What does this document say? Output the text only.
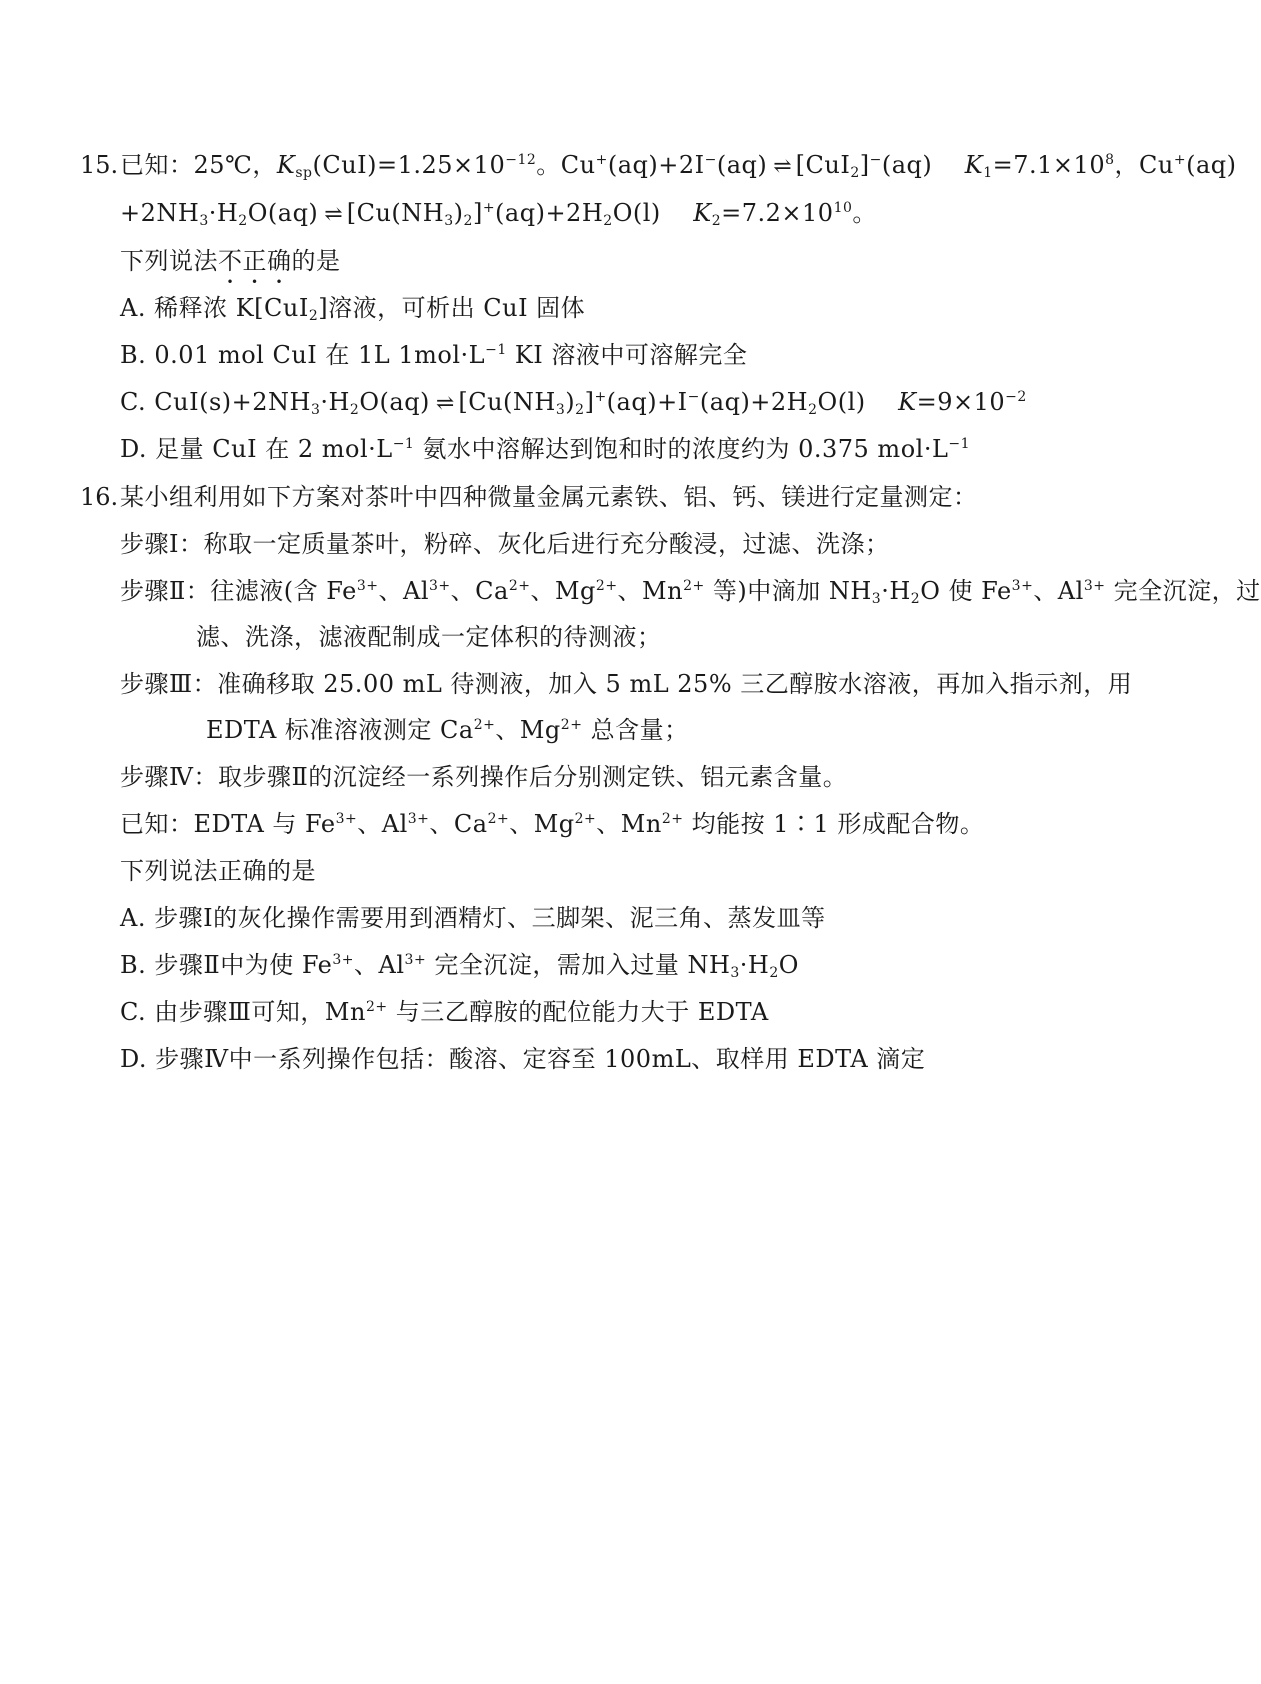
15. 已知：25℃，$K_{sp}(CuI)=1.25\times 10^{-12}$。Cu+(aq)+2I−(aq) ⇌ [CuI$_2$]−(aq) $K_1=7.1\times 10^8$，Cu+(aq)
$+2NH_3\cdot H_2O(aq)$ ⇌ $[Cu(NH_3)_2]^+(aq)+2H_2O(l)$ $K_2=7.2\times 10^{10}$。
下列说法不正确的是
A. 稀释浓 K[CuI$_2$]溶液，可析出 CuI 固体
B. 0.01 mol CuI 在 1L $1mol\cdot L^{-1}$ KI 溶液中可溶解完全
C. $CuI(s)+2NH_3\cdot H_2O(aq)$ ⇌ $[Cu(NH_3)_2]^+(aq)+I^-(aq)+2H_2O(l)$ $K=9\times 10^{-2}$
D. 足量 CuI 在 2 $mol\cdot L^{-1}$ 氨水中溶解达到饱和时的浓度约为 0.375 $mol\cdot L^{-1}$
16. 某小组利用如下方案对茶叶中四种微量金属元素铁、铝、钙、镁进行定量测定：
步骤Ⅰ：称取一定质量茶叶，粉碎、灰化后进行充分酸浸，过滤、洗涤；
步骤Ⅱ：往滤液(含 $Fe^{3+}$、$Al^{3+}$、$Ca^{2+}$、$Mg^{2+}$、$Mn^{2+}$ 等)中滴加 $NH_3\cdot H_2O$ 使 $Fe^{3+}$、$Al^{3+}$ 完全沉淀，过
滤、洗涤，滤液配制成一定体积的待测液；
步骤Ⅲ：准确移取 25.00 mL 待测液，加入 5 mL 25% 三乙醇胺水溶液，再加入指示剂，用
EDTA 标准溶液测定 $Ca^{2+}$、$Mg^{2+}$ 总含量；
步骤Ⅳ：取步骤Ⅱ的沉淀经一系列操作后分别测定铁、铝元素含量。
已知：EDTA 与 $Fe^{3+}$、$Al^{3+}$、$Ca^{2+}$、$Mg^{2+}$、$Mn^{2+}$ 均能按 1∶1 形成配合物。
下列说法正确的是
A. 步骤Ⅰ的灰化操作需要用到酒精灯、三脚架、泥三角、蒸发皿等
B. 步骤Ⅱ中为使 $Fe^{3+}$、$Al^{3+}$ 完全沉淀，需加入过量 $NH_3\cdot H_2O$
C. 由步骤Ⅲ可知，$Mn^{2+}$ 与三乙醇胺的配位能力大于 EDTA
D. 步骤Ⅳ中一系列操作包括：酸溶、定容至 100mL、取样用 EDTA 滴定
